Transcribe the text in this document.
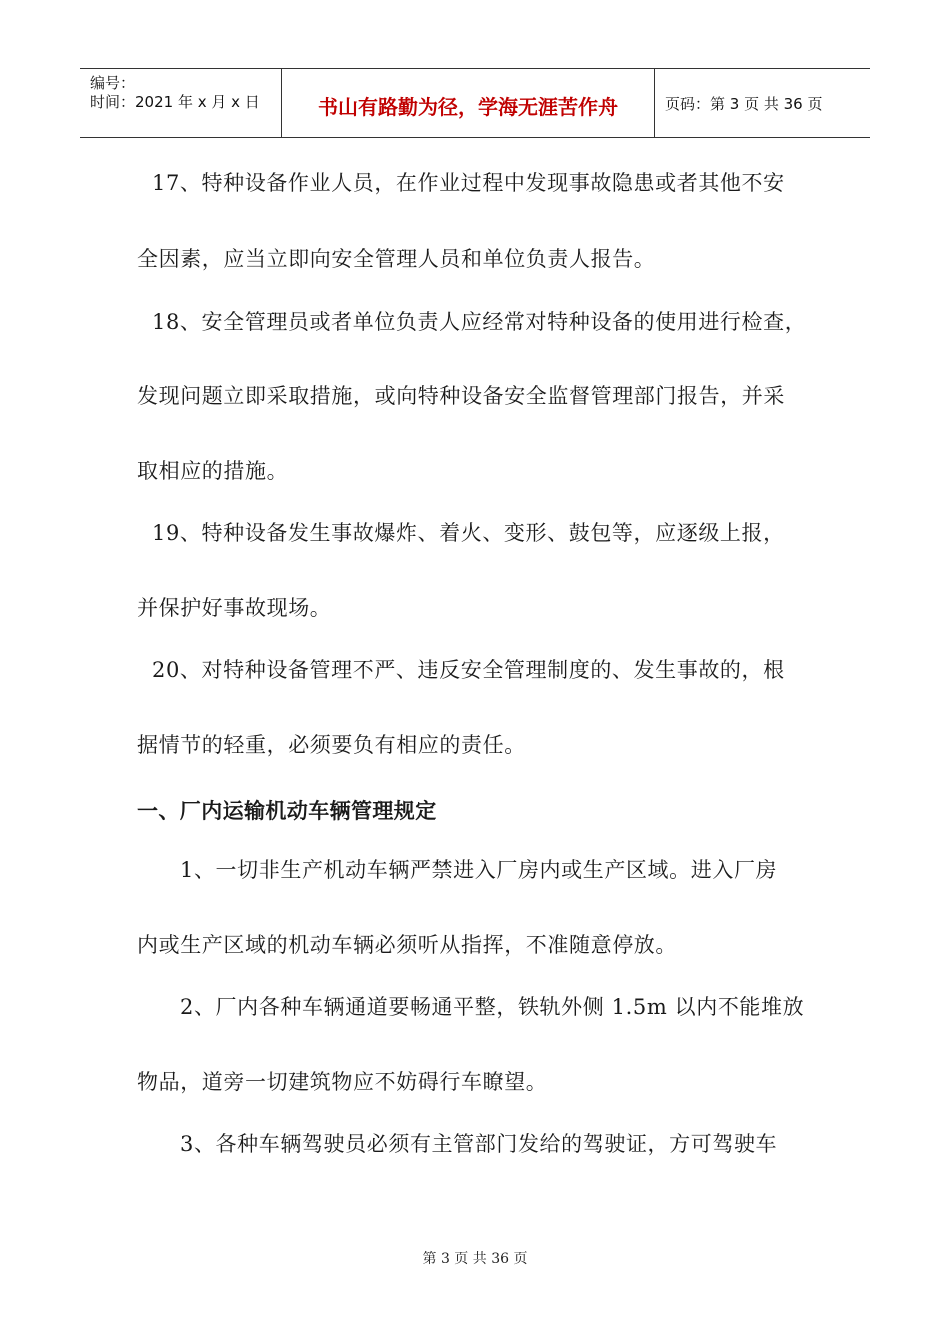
编号：
时间：2021 年 x 月 x 日	书山有路勤为径，学海无涯苦作舟	页码：第 3 页 共 36 页
17、特种设备作业人员，在作业过程中发现事故隐患或者其他不安
全因素，应当立即向安全管理人员和单位负责人报告。
18、安全管理员或者单位负责人应经常对特种设备的使用进行检查，
发现问题立即采取措施，或向特种设备安全监督管理部门报告，并采
取相应的措施。
19、特种设备发生事故爆炸、着火、变形、鼓包等，应逐级上报，
并保护好事故现场。
20、对特种设备管理不严、违反安全管理制度的、发生事故的，根
据情节的轻重，必须要负有相应的责任。
一、厂内运输机动车辆管理规定
1、一切非生产机动车辆严禁进入厂房内或生产区域。进入厂房
内或生产区域的机动车辆必须听从指挥，不准随意停放。
2、厂内各种车辆通道要畅通平整，铁轨外侧 1.5m 以内不能堆放
物品，道旁一切建筑物应不妨碍行车瞭望。
3、各种车辆驾驶员必须有主管部门发给的驾驶证，方可驾驶车
第 3 页 共 36 页
